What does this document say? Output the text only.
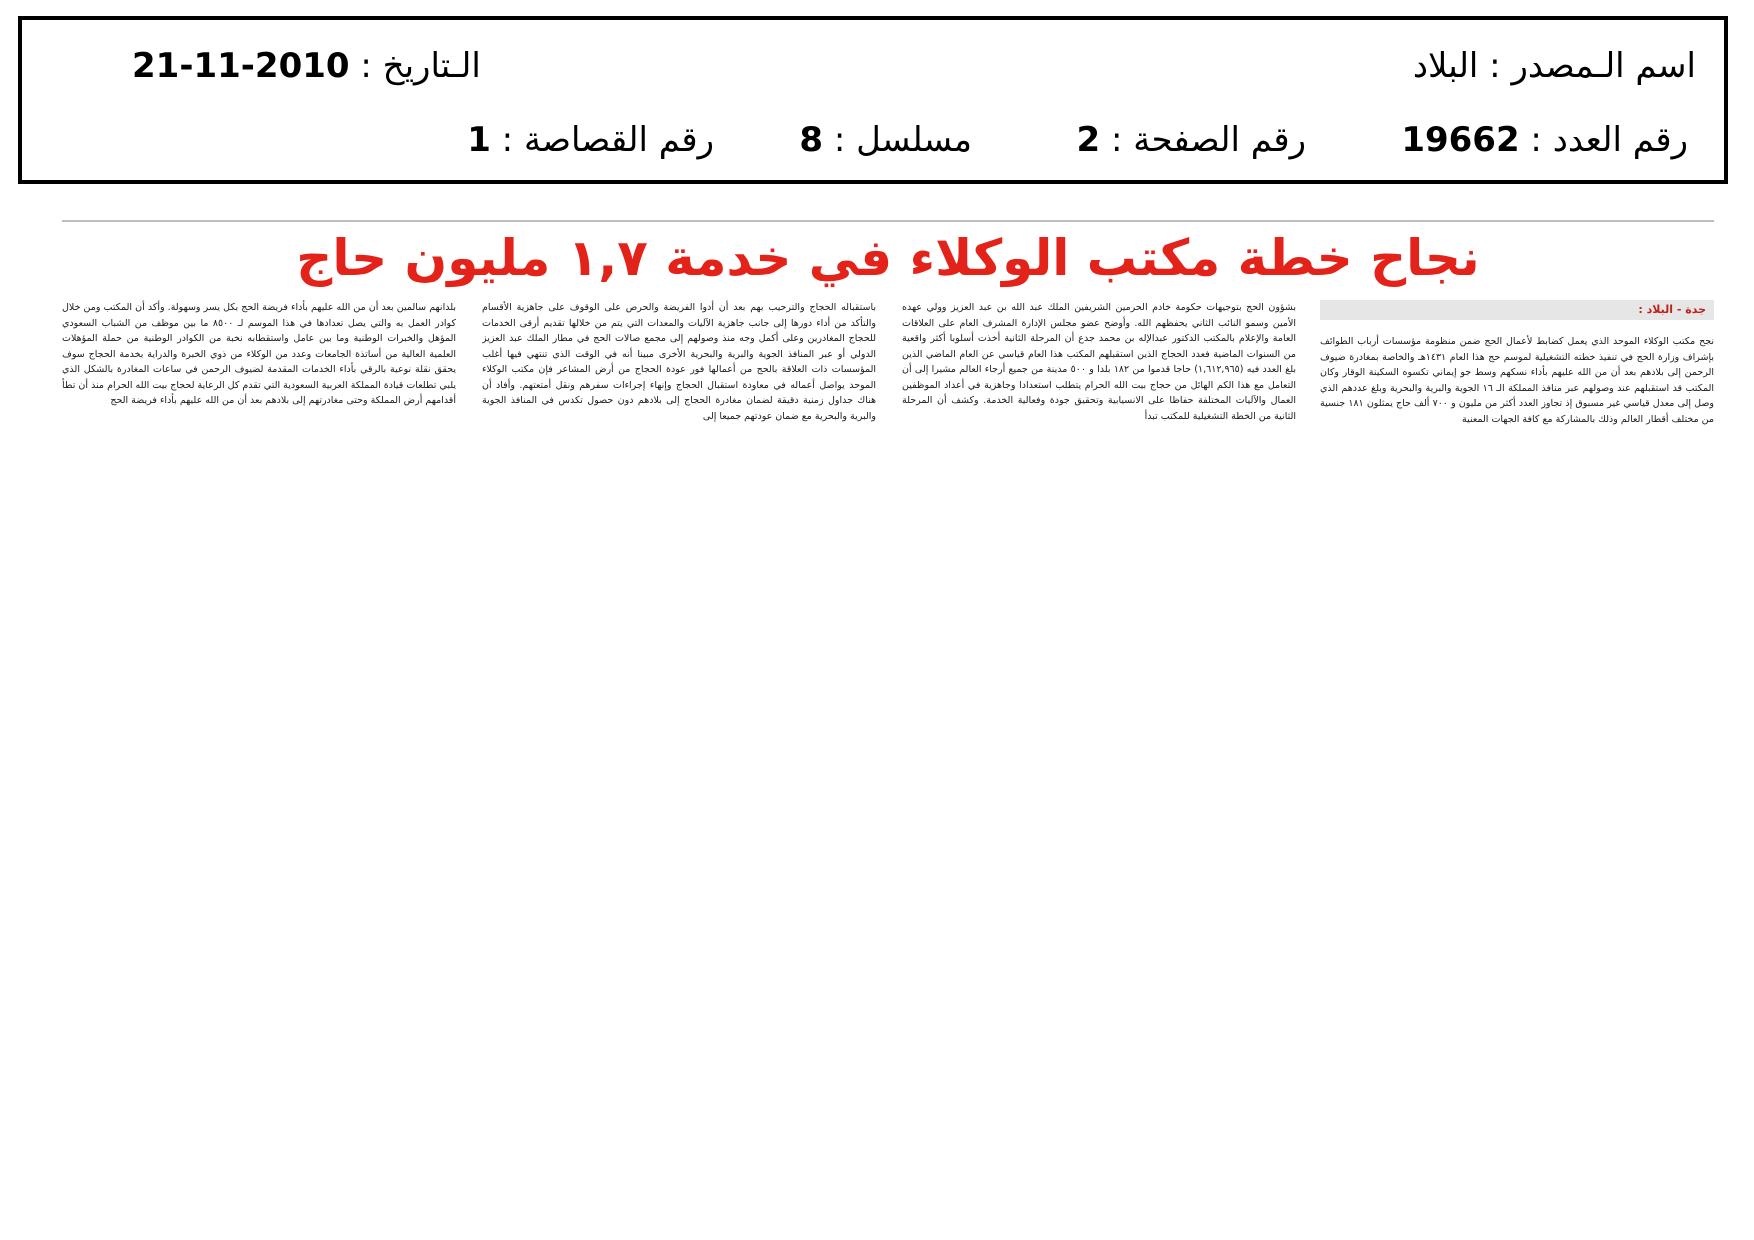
اسم الـمصدر : البلاد
الـتاريخ : 2010-11-21
رقم العدد : 19662
رقم الصفحة : 2
مسلسل : 8
رقم القصاصة : 1
نجاح خطة مكتب الوكلاء في خدمة ١,٧ مليون حاج
جدة - البلاد :

نجح مكتب الوكلاء الموحد الذي يعمل كضابط لأعمال الحج ضمن منظومة مؤسسات أرباب الطوائف بإشراف وزارة الحج في تنفيذ خطته التشغيلية لموسم حج هذا العام ١٤٣١هـ والخاصة بمغادرة ضيوف الرحمن إلى بلادهم بعد أن من الله عليهم بأداء نسكهم وسط جو إيماني تكسوه السكينة الوقار وكان المكتب قد استقبلهم عند وصولهم عبر منافذ المملكة الـ ١٦ الجوية والبرية والبحرية وبلغ عددهم الذي وصل إلى معدل قياسي غير مسبوق إذ تجاوز العدد أكثر من مليون و ٧٠٠ ألف حاج يمثلون ١٨١ جنسية من مختلف أقطار العالم وذلك بالمشاركة مع كافة الجهات المعنية

بشؤون الحج بتوجيهات حكومة خادم الحرمين الشريفين الملك عبد الله بن عبد العزيز وولي عهده الأمين وسمو النائب الثاني يحفظهم الله. وأوضح عضو مجلس الإدارة المشرف العام على العلاقات العامة والإعلام بالمكتب الدكتور عبدالإله بن محمد جدع أن المرحلة الثانية أخذت أسلوبا أكثر واقعية من السنوات الماضية فعدد الحجاج الذين استقبلهم المكتب هذا العام قياسي عن العام الماضي الذين بلغ العدد فيه (١,٦١٢,٩٦٥) حاجا قدموا من ١٨٢ بلدا و ٥٠٠ مدينة من جميع أرجاء العالم مشيرا إلى أن التعامل مع هذا الكم الهائل من حجاج بيت الله الحرام يتطلب استعدادا وجاهزية في أعداد الموظفين العمال والآليات المختلفة حفاظا على الانسيابية وتحقيق جودة وفعالية الخدمة. وكشف أن المرحلة الثانية من الخطة التشغيلية للمكتب تبدأ

باستقباله الحجاج والترحيب بهم بعد أن أدوا الفريضة والحرص على الوقوف على جاهزية الأقسام والتأكد من أداء دورها إلى جانب جاهزية الآليات والمعدات التي يتم من خلالها تقديم أرقى الخدمات للحجاج المغادرين وعلى أكمل وجه منذ وصولهم إلى مجمع صالات الحج في مطار الملك عبد العزيز الدولي أو عبر المنافذ الجوية والبرية والبحرية الأخرى مبينا أنه في الوقت الذي تنتهي فيها أغلب المؤسسات ذات العلاقة بالحج من أعمالها فور عودة الحجاج من أرض المشاعر فإن مكتب الوكلاء الموحد يواصل أعماله في معاودة استقبال الحجاج وإنهاء إجراءات سفرهم ونقل أمتعتهم. وأفاد أن هناك جداول زمنية دقيقة لضمان مغادرة الحجاج إلى بلادهم دون حصول تكدس في المنافذ الجوية والبرية والبحرية مع ضمان عودتهم جميعا إلى

بلدانهم سالمين بعد أن من الله عليهم بأداء فريضة الحج بكل يسر وسهولة. وأكد أن المكتب ومن خلال كوادر العمل به والتي يصل تعدادها في هذا الموسم لـ ٨٥٠٠ ما بين موظف من الشباب السعودي المؤهل والخبرات الوطنية وما بين عامل واستقطابه نخبة من الكوادر الوطنية من حملة المؤهلات العلمية العالية من أساتذة الجامعات وعدد من الوكلاء من ذوي الخبرة والدراية بخدمة الحجاج سوف يحقق نقلة نوعية بالرقي بأداء الخدمات المقدمة لضيوف الرحمن في ساعات المغادرة بالشكل الذي يلبي تطلعات قيادة المملكة العربية السعودية التي تقدم كل الرعاية لحجاج بيت الله الحرام منذ أن تطأ أقدامهم أرض المملكة وحتى مغادرتهم إلى بلادهم بعد أن من الله عليهم بأداء فريضة الحج
